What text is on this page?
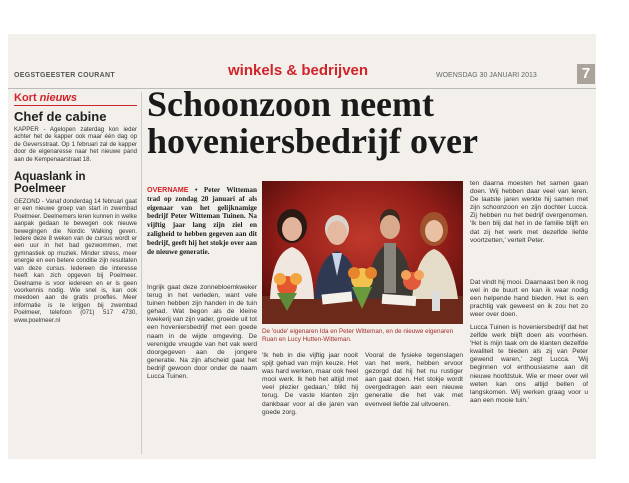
OEGSTGEESTER COURANT	winkels & bedrijven	WOENSDAG 30 JANUARI 2013	7
Kort nieuws
Chef de cabine

KAPPER - Agelopen zaterdag kon ieder achter het de kapper ook maar één dag op de Geversstraat. Op 1 februari zal de kapper door de eigenaresse naar het nieuwe pand aan de Kempenaarstraat 18.

Aquaslank in Poelmeer

GEZOND - Vanaf donderdag 14 februari gaat er een nieuwe groep van start in zwembad Poelmeer. Deelnemers leren kunnen in welke aanpak gedaan te bewegen ook nieuwe bewegingen die Nordic Walking geven. Iedere deze 8 weken van de cursus wordt er een uur in het bad gezwommen, met gymnastiek op muziek. Minder stress, meer energie en een betere conditie zijn resultaten van deze cursus. Iedereen die interesse heeft kan zich opgeven bij Poelmeer. Deelname is voor iedereen en er is geen voorkennis nodig. Wie snel is, kan ook meedoen aan de gratis proefles. Meer informatie is te krijgen bij zwembad Poelmeer, telefoon (071) 517 4730, www.poelmeer.nl

Schoonzoon neemt hoveniersbedrijf over

OVERNAME • Peter Witteman trad op zondag 20 januari af als eigenaar van het gelijknamige bedrijf Peter Witteman Tuinen. Na vijftig jaar lang zijn ziel en zaligheid te hebben gegeven aan dit bedrijf, geeft hij het stokje over aan de nieuwe generatie.

Ingrijk gaat deze zonnebloemkweker terug in het verleden, want vele tuinen hebben zijn handen in de tuin gehad. Wat begon als de kleine kwekerij van zijn vader, groeide uit tot een hoveniersbedrijf met een goede naam in de wijde omgeving. De verenigde vreugde van het vak werd doorgegeven aan de jongere generatie. Na zijn afscheid gaat het bedrijf gewoon door onder de naam Lucca Tuinen.

'Ik heb in die vijftig jaar nooit spijt gehad van mijn keuze. Het was hard werken, maar ook heel mooi werk. Ik heb het altijd met veel plezier gedaan,' blikt hij terug. De vaste klanten zijn dankbaar voor al die jaren van goede zorg.

Vooral de fysieke tegenslagen van het werk, hebben ervoor gezorgd dat hij het nu rustiger aan gaat doen. Het stokje wordt overgedragen aan een nieuwe generatie die het vak met evenveel liefde zal uitvoeren.

ten daarna moesten het samen gaan doen. Wij hebben daar veel van leren. De laatste jaren werkte hij samen met zijn schoonzoon en zijn dochter Lucca. Zij hebben nu het bedrijf overgenomen. 'Ik ben blij dat het in de familie blijft en dat zij het werk met dezelfde liefde voortzetten,' vertelt Peter.

Dat vindt hij mooi. Daarnaast ben ik nog wel in de buurt en kan ik waar nodig een helpende hand bieden. Het is een prachtig vak geweest en ik zou het zo weer over doen.

Lucca Tuinen is hoveniersbedrijf dat het zelfde werk blijft doen als voorheen. 'Het is mijn taak om de klanten dezelfde kwaliteit te bieden als zij van Peter gewend waren,' zegt Lucca. 'Wij beginnen vol enthousiasme aan dit nieuwe hoofdstuk. Wie er meer over wil weten kan ons altijd bellen of langskomen. Wij werken graag voor u aan een mooie tuin.'

De 'oude' eigenaren Ida en Peter Witteman, en de nieuwe eigenaren Ruan en Lucy Hutten-Witteman.
